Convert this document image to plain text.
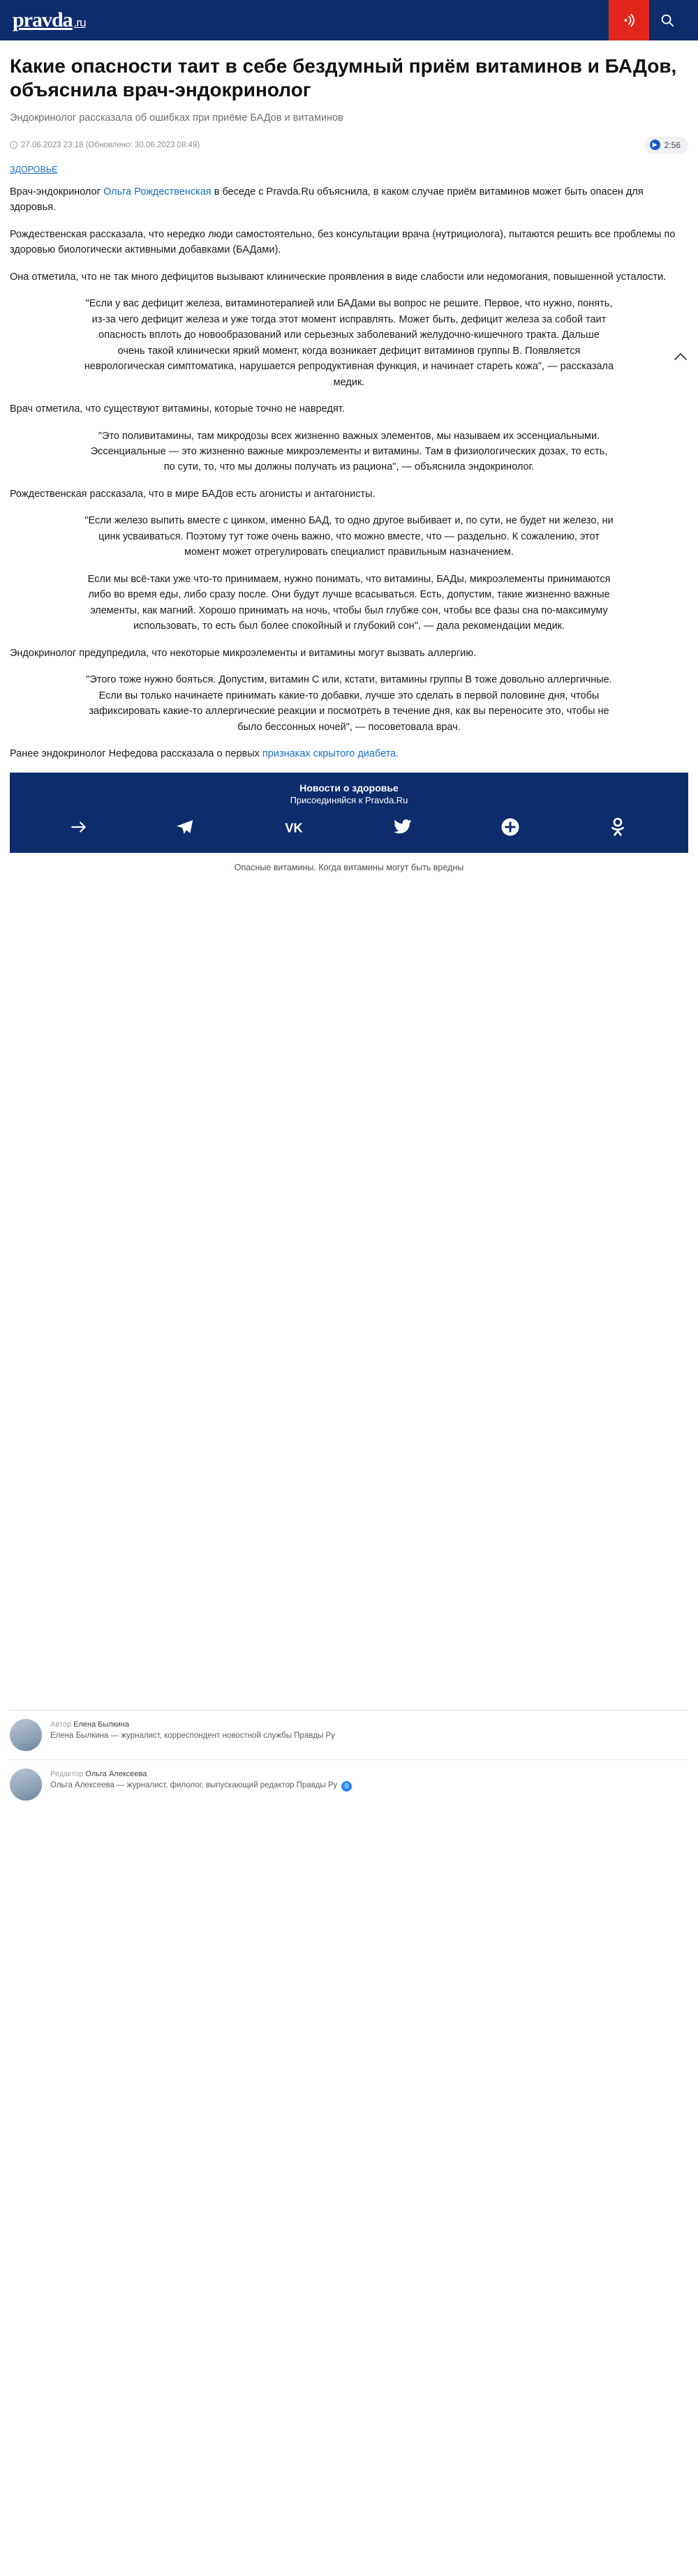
pravda .ru
Какие опасности таит в себе бездумный приём витаминов и БАДов, объяснила врач-эндокринолог
Эндокринолог рассказала об ошибках при приёме БАДов и витаминов
27.06.2023 23:18 (Обновлено: 30.06.2023 08:49)	▶ 2:56
ЗДОРОВЬЕ

Врач-эндокринолог Ольга Рождественская в беседе с Pravda.Ru объяснила, в каком случае приём витаминов может быть опасен для здоровья.

Рождественская рассказала, что нередко люди самостоятельно, без консультации врача (нутрициолога), пытаются решить все проблемы по здоровью биологически активными добавками (БАДами).

Она отметила, что не так много дефицитов вызывают клинические проявления в виде слабости или недомогания, повышенной усталости.

"Если у вас дефицит железа, витаминотерапией или БАДами вы вопрос не решите. Первое, что нужно, понять, из-за чего дефицит железа и уже тогда этот момент исправлять. Может быть, дефицит железа за собой таит опасность вплоть до новообразований или серьезных заболеваний желудочно-кишечного тракта. Дальше очень такой клинически яркий момент, когда возникает дефицит витаминов группы В. Появляется неврологическая симптоматика, нарушается репродуктивная функция, и начинает стареть кожа", — рассказала медик.

Врач отметила, что существуют витамины, которые точно не навредят.

"Это поливитамины, там микродозы всех жизненно важных элементов, мы называем их эссенциальными. Эссенциальные — это жизненно важные микроэлементы и витамины. Там в физиологических дозах, то есть, по сути, то, что мы должны получать из рациона", — объяснила эндокринолог.

Рождественская рассказала, что в мире БАДов есть агонисты и антагонисты.

"Если железо выпить вместе с цинком, именно БАД, то одно другое выбивает и, по сути, не будет ни железо, ни цинк усваиваться. Поэтому тут тоже очень важно, что можно вместе, что — раздельно. К сожалению, этот момент может отрегулировать специалист правильным назначением.

Если мы всё-таки уже что-то принимаем, нужно понимать, что витамины, БАДы, микроэлементы принимаются либо во время еды, либо сразу после. Они будут лучше всасываться. Есть, допустим, такие жизненно важные элементы, как магний. Хорошо принимать на ночь, чтобы был глубже сон, чтобы все фазы сна по-максимуму использовать, то есть был более спокойный и глубокий сон", — дала рекомендации медик.

Эндокринолог предупредила, что некоторые микроэлементы и витамины могут вызвать аллергию.

"Этого тоже нужно бояться. Допустим, витамин С или, кстати, витамины группы В тоже довольно аллергичные. Если вы только начинаете принимать какие-то добавки, лучше это сделать в первой половине дня, чтобы зафиксировать какие-то аллергические реакции и посмотреть в течение дня, как вы переносите это, чтобы не было бессонных ночей", — посоветовала врач.

Ранее эндокринолог Нефедова рассказала о первых признаках скрытого диабета.

Новости о здоровье
Присоединяйся к Pravda.Ru
VK
Опасные витамины. Когда витамины могут быть вредны
Автор Елена Былкина
Елена Былкина — журналист, корреспондент новостной службы Правды Ру
Редактор Ольга Алексеева
Ольга Алексеева — журналист, филолог, выпускающий редактор Правды Ру	B
